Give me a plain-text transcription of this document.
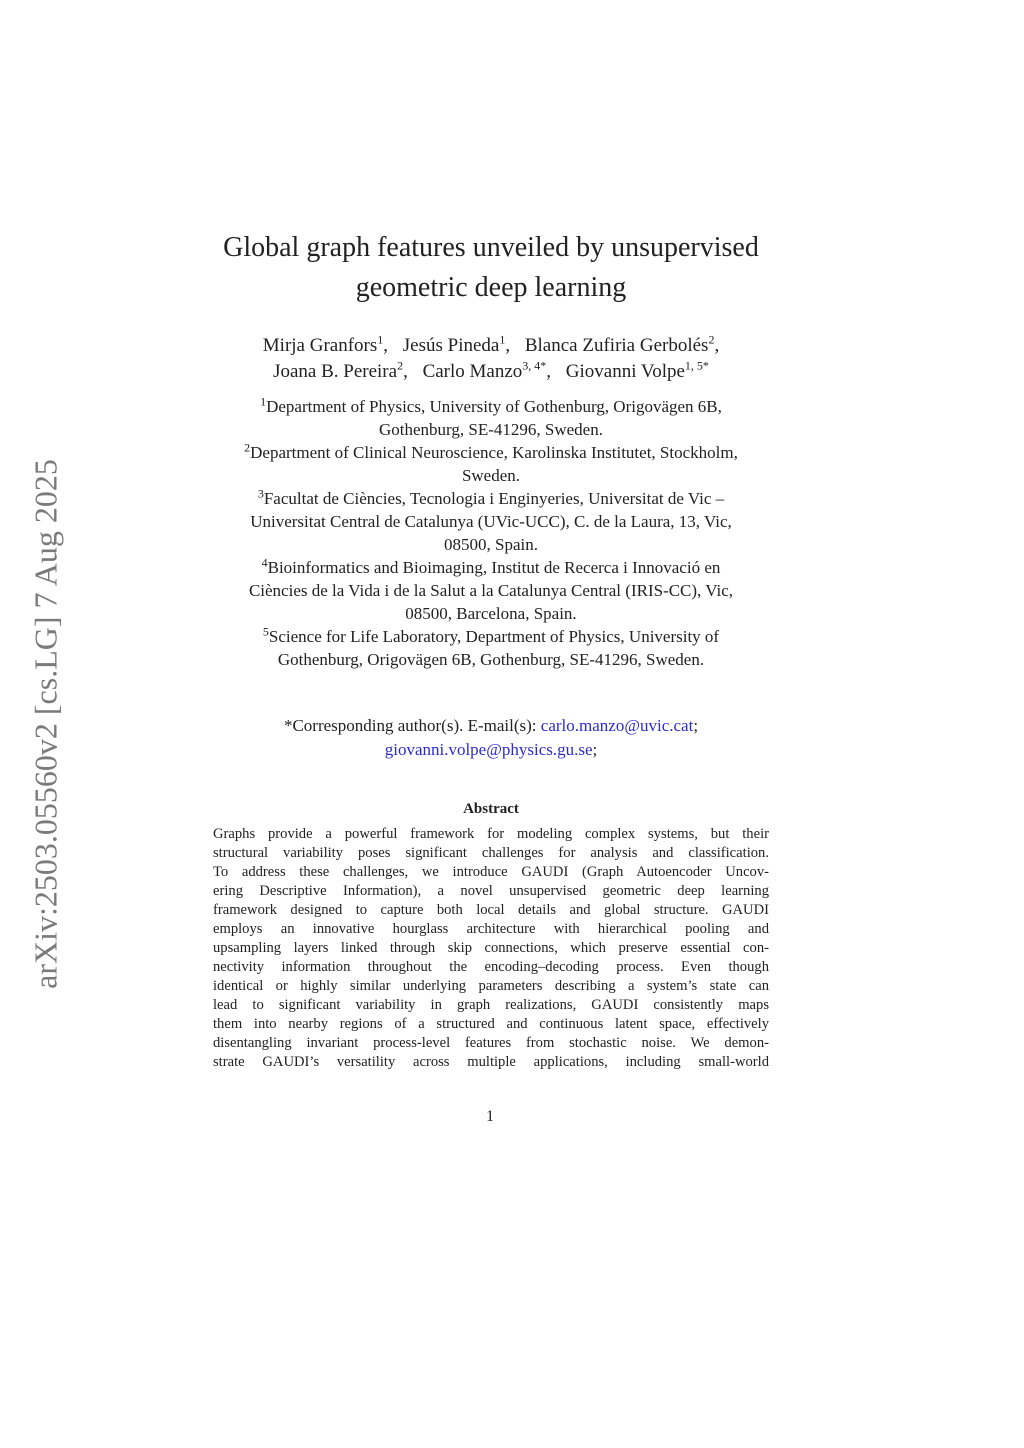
arXiv:2503.05560v2 [cs.LG] 7 Aug 2025
Global graph features unveiled by unsupervised
geometric deep learning
Mirja Granfors$^1$, Jesús Pineda$^1$, Blanca Zufiria Gerbolés$^2$,
Joana B. Pereira$^2$, Carlo Manzo$^{3, 4*}$, Giovanni Volpe$^{1, 5*}$
$^1$Department of Physics, University of Gothenburg, Origovägen 6B,
Gothenburg, SE-41296, Sweden.
$^2$Department of Clinical Neuroscience, Karolinska Institutet, Stockholm,
Sweden.
$^3$Facultat de Ciències, Tecnologia i Enginyeries, Universitat de Vic –
Universitat Central de Catalunya (UVic-UCC), C. de la Laura, 13, Vic,
08500, Spain.
$^4$Bioinformatics and Bioimaging, Institut de Recerca i Innovació en
Ciències de la Vida i de la Salut a la Catalunya Central (IRIS-CC), Vic,
08500, Barcelona, Spain.
$^5$Science for Life Laboratory, Department of Physics, University of
Gothenburg, Origovägen 6B, Gothenburg, SE-41296, Sweden.
*Corresponding author(s). E-mail(s): carlo.manzo@uvic.cat;
giovanni.volpe@physics.gu.se;
Abstract
Graphs provide a powerful framework for modeling complex systems, but their
structural variability poses significant challenges for analysis and classification.
To address these challenges, we introduce GAUDI (Graph Autoencoder Uncov-
ering Descriptive Information), a novel unsupervised geometric deep learning
framework designed to capture both local details and global structure. GAUDI
employs an innovative hourglass architecture with hierarchical pooling and
upsampling layers linked through skip connections, which preserve essential con-
nectivity information throughout the encoding–decoding process. Even though
identical or highly similar underlying parameters describing a system’s state can
lead to significant variability in graph realizations, GAUDI consistently maps
them into nearby regions of a structured and continuous latent space, effectively
disentangling invariant process-level features from stochastic noise. We demon-
strate GAUDI’s versatility across multiple applications, including small-world
1
